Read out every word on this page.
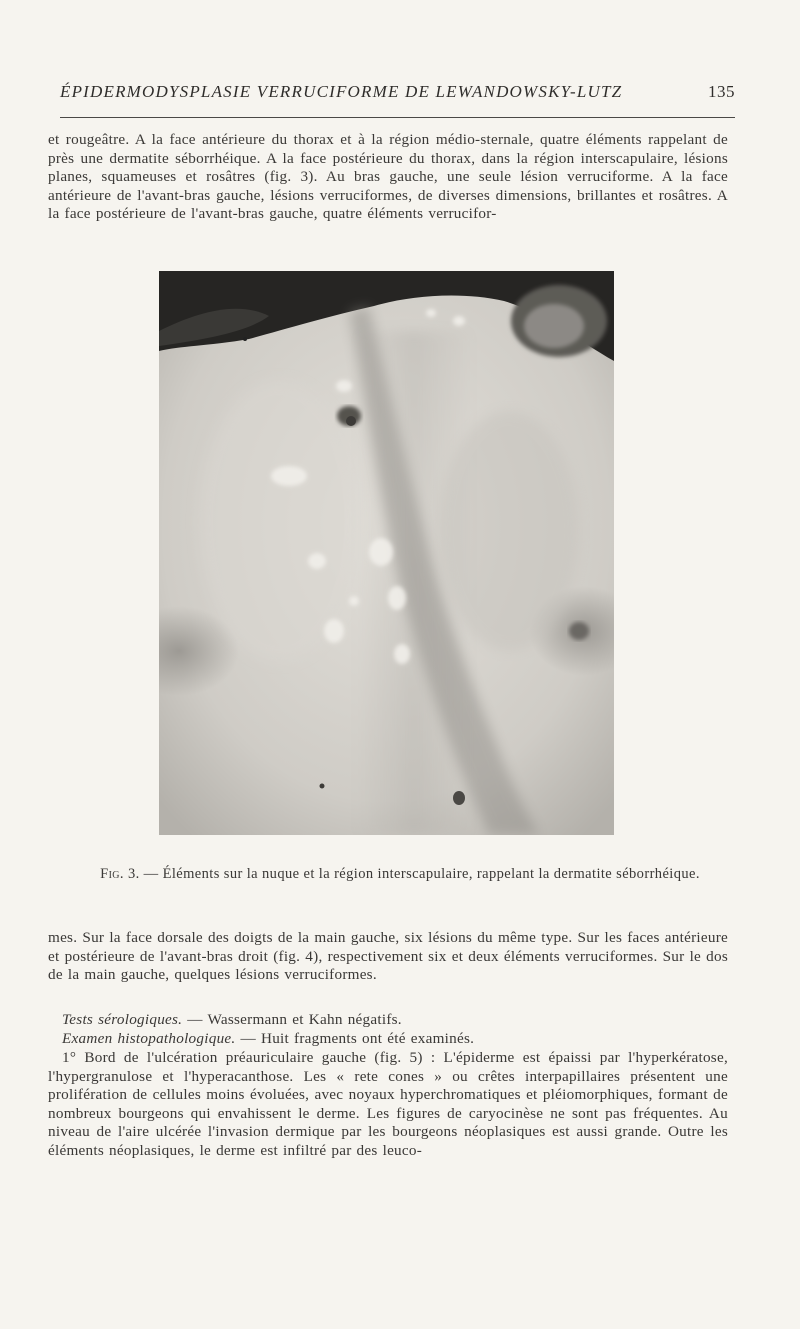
ÉPIDERMODYSPLASIE VERRUCIFORME DE LEWANDOWSKY-LUTZ	135
et rougeâtre. A la face antérieure du thorax et à la région médio-sternale, quatre éléments rappelant de près une dermatite séborrhéique. A la face postérieure du thorax, dans la région interscapulaire, lésions planes, squameuses et rosâtres (fig. 3). Au bras gauche, une seule lésion verruciforme. A la face antérieure de l'avant-bras gauche, lésions verruciformes, de diverses dimensions, brillantes et rosâtres. A la face postérieure de l'avant-bras gauche, quatre éléments verrucifor-
Fig. 3. — Éléments sur la nuque et la région interscapulaire, rappelant la dermatite séborrhéique.
mes. Sur la face dorsale des doigts de la main gauche, six lésions du même type. Sur les faces antérieure et postérieure de l'avant-bras droit (fig. 4), respectivement six et deux éléments verruciformes. Sur le dos de la main gauche, quelques lésions verruciformes.
Tests sérologiques. — Wassermann et Kahn négatifs.
Examen histopathologique. — Huit fragments ont été examinés.
1° Bord de l'ulcération préauriculaire gauche (fig. 5) : L'épiderme est épaissi par l'hyperkératose, l'hypergranulose et l'hyperacanthose. Les « rete cones » ou crêtes interpapillaires présentent une prolifération de cellules moins évoluées, avec noyaux hyperchromatiques et pléiomorphiques, formant de nombreux bourgeons qui envahissent le derme. Les figures de caryocinèse ne sont pas fréquentes. Au niveau de l'aire ulcérée l'invasion dermique par les bourgeons néoplasiques est aussi grande. Outre les éléments néoplasiques, le derme est infiltré par des leuco-
